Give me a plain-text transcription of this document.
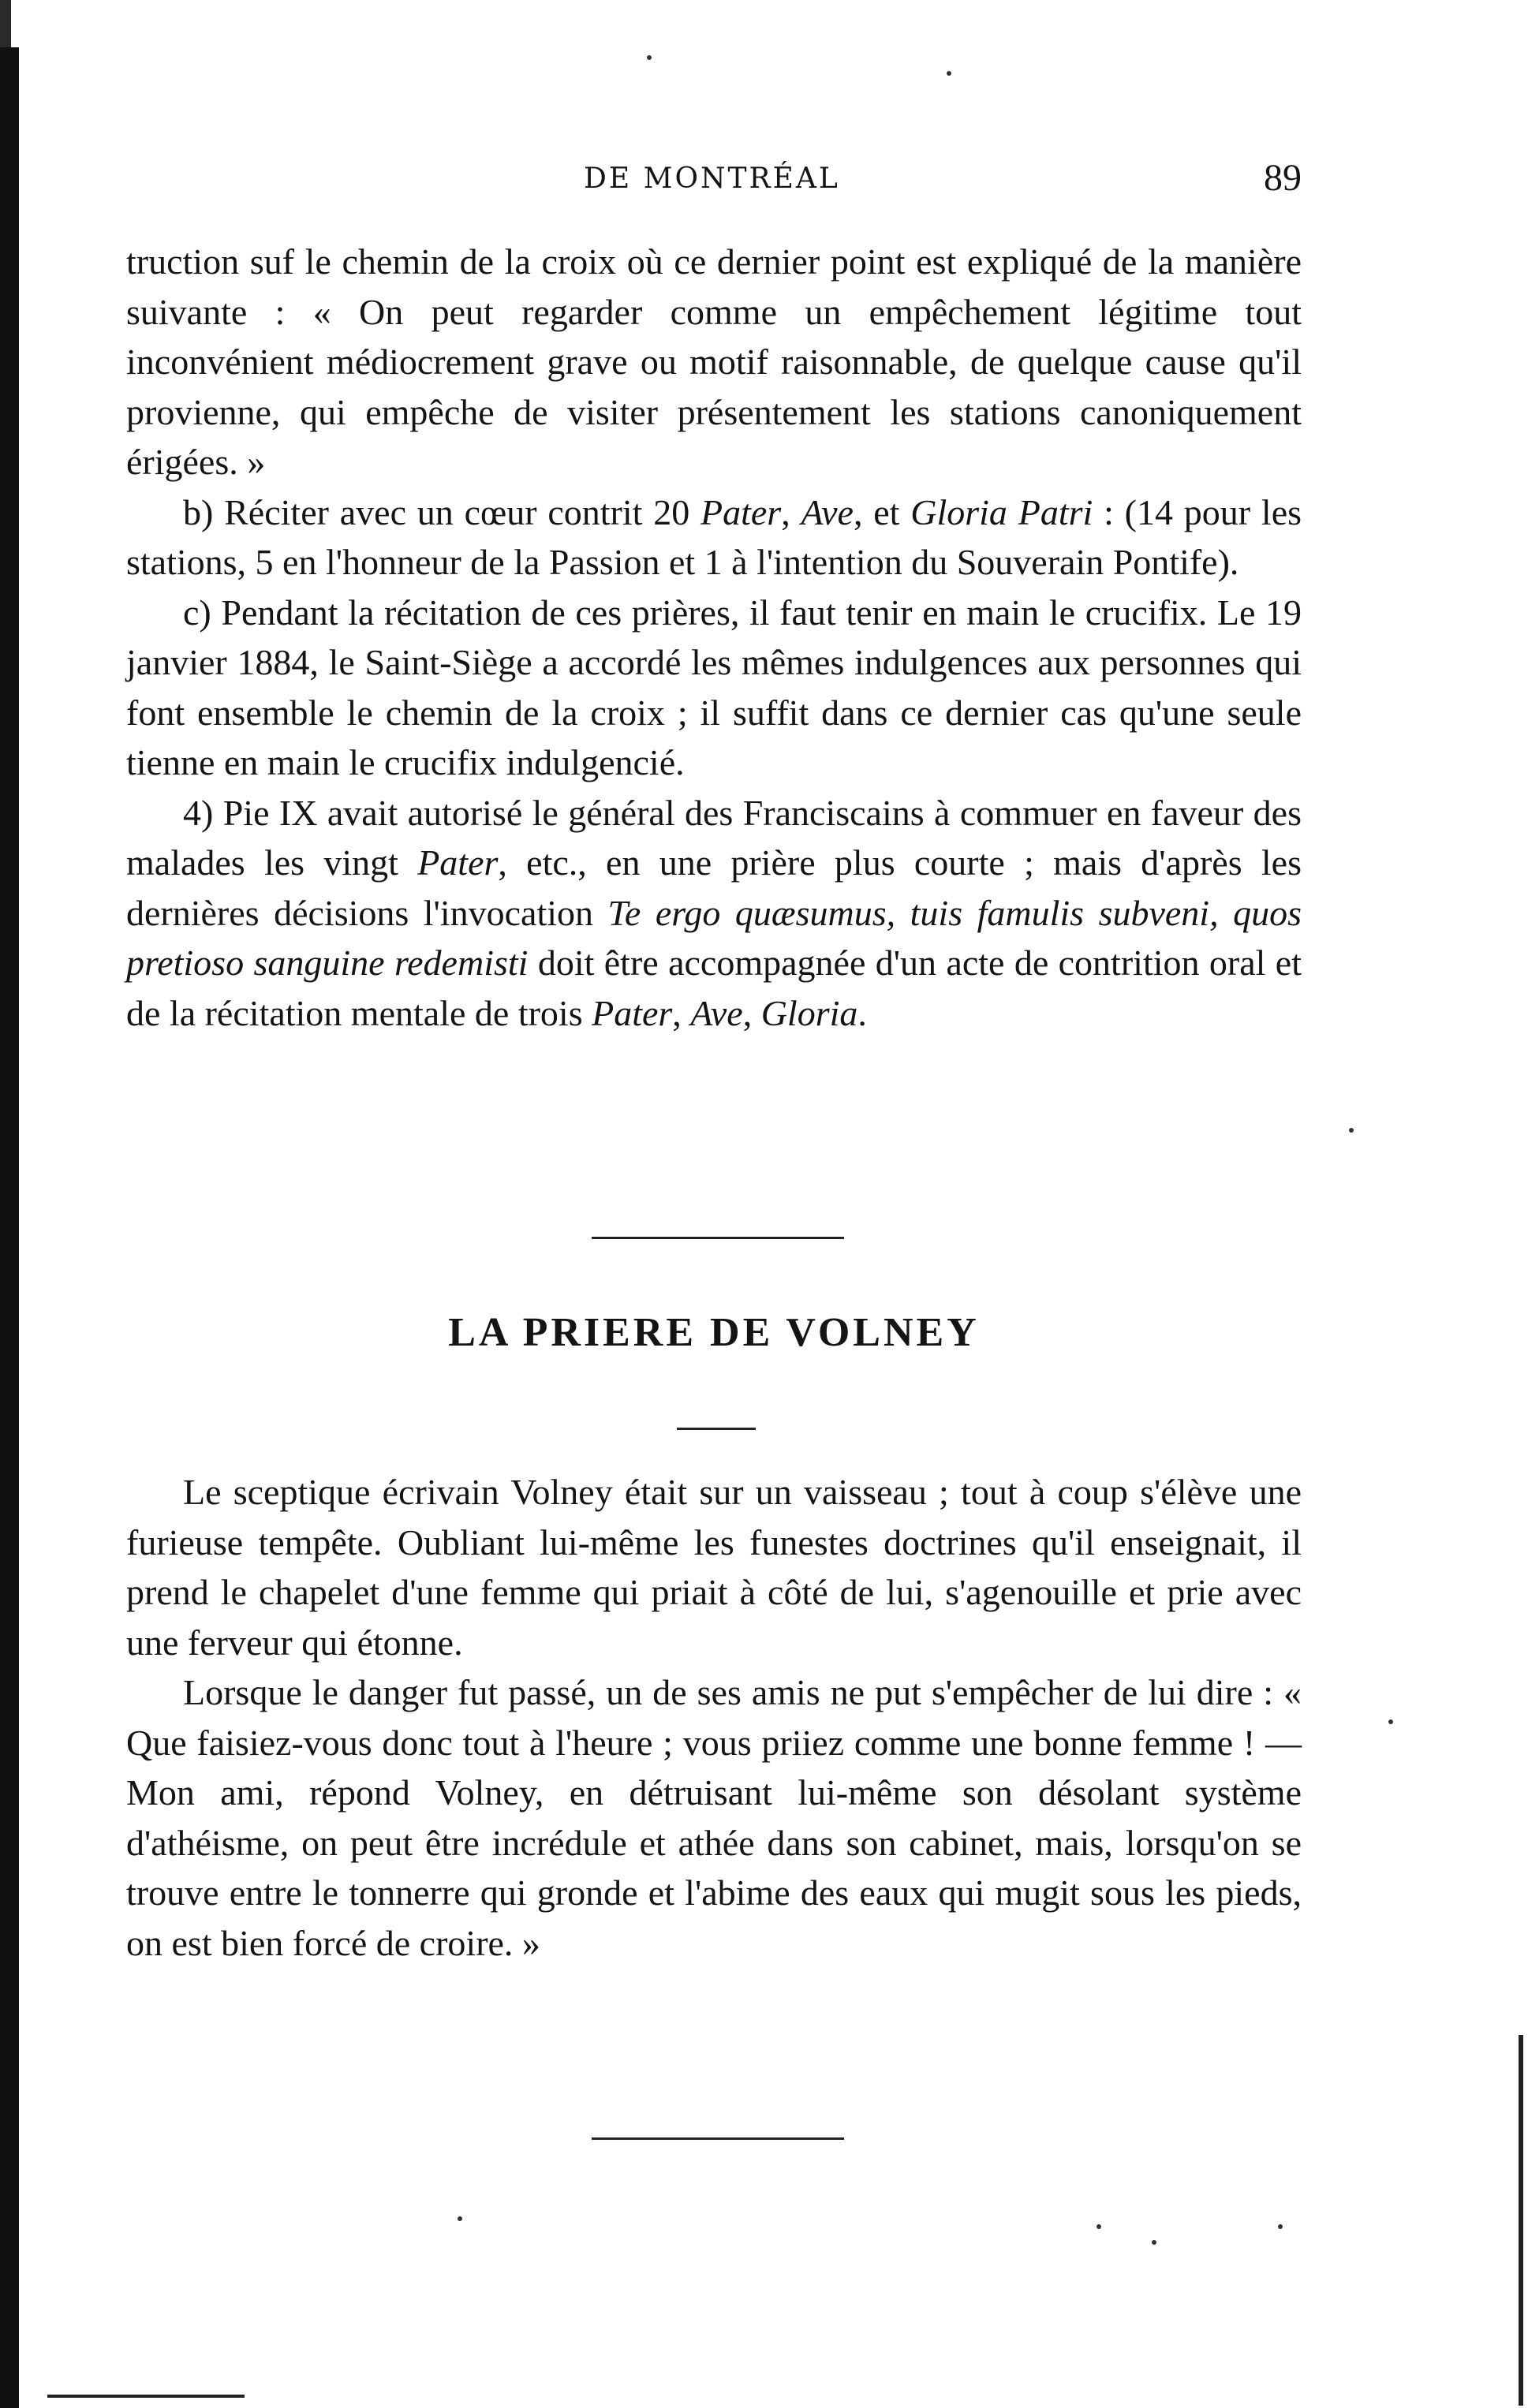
DE MONTRÉAL	89

truction suf le chemin de la croix où ce dernier point est expliqué de la manière suivante : « On peut regarder comme un empêchement légitime tout inconvénient médiocrement grave ou motif raisonnable, de quelque cause qu'il provienne, qui empêche de visiter présentement les stations canoniquement érigées. »

b) Réciter avec un cœur contrit 20 Pater, Ave, et Gloria Patri : (14 pour les stations, 5 en l'honneur de la Passion et 1 à l'intention du Souverain Pontife).

c) Pendant la récitation de ces prières, il faut tenir en main le crucifix. Le 19 janvier 1884, le Saint-Siège a accordé les mêmes indulgences aux personnes qui font ensemble le chemin de la croix ; il suffit dans ce dernier cas qu'une seule tienne en main le crucifix indulgencié.

4) Pie IX avait autorisé le général des Franciscains à commuer en faveur des malades les vingt Pater, etc., en une prière plus courte ; mais d'après les dernières décisions l'invocation Te ergo quæsumus, tuis famulis subveni, quos pretioso sanguine redemisti doit être accompagnée d'un acte de contrition oral et de la récitation mentale de trois Pater, Ave, Gloria.

LA PRIERE DE VOLNEY

Le sceptique écrivain Volney était sur un vaisseau ; tout à coup s'élève une furieuse tempête. Oubliant lui-même les funestes doctrines qu'il enseignait, il prend le chapelet d'une femme qui priait à côté de lui, s'agenouille et prie avec une ferveur qui étonne.

Lorsque le danger fut passé, un de ses amis ne put s'empêcher de lui dire : « Que faisiez-vous donc tout à l'heure ; vous priiez comme une bonne femme ! — Mon ami, répond Volney, en détruisant lui-même son désolant système d'athéisme, on peut être incrédule et athée dans son cabinet, mais, lorsqu'on se trouve entre le tonnerre qui gronde et l'abime des eaux qui mugit sous les pieds, on est bien forcé de croire. »
